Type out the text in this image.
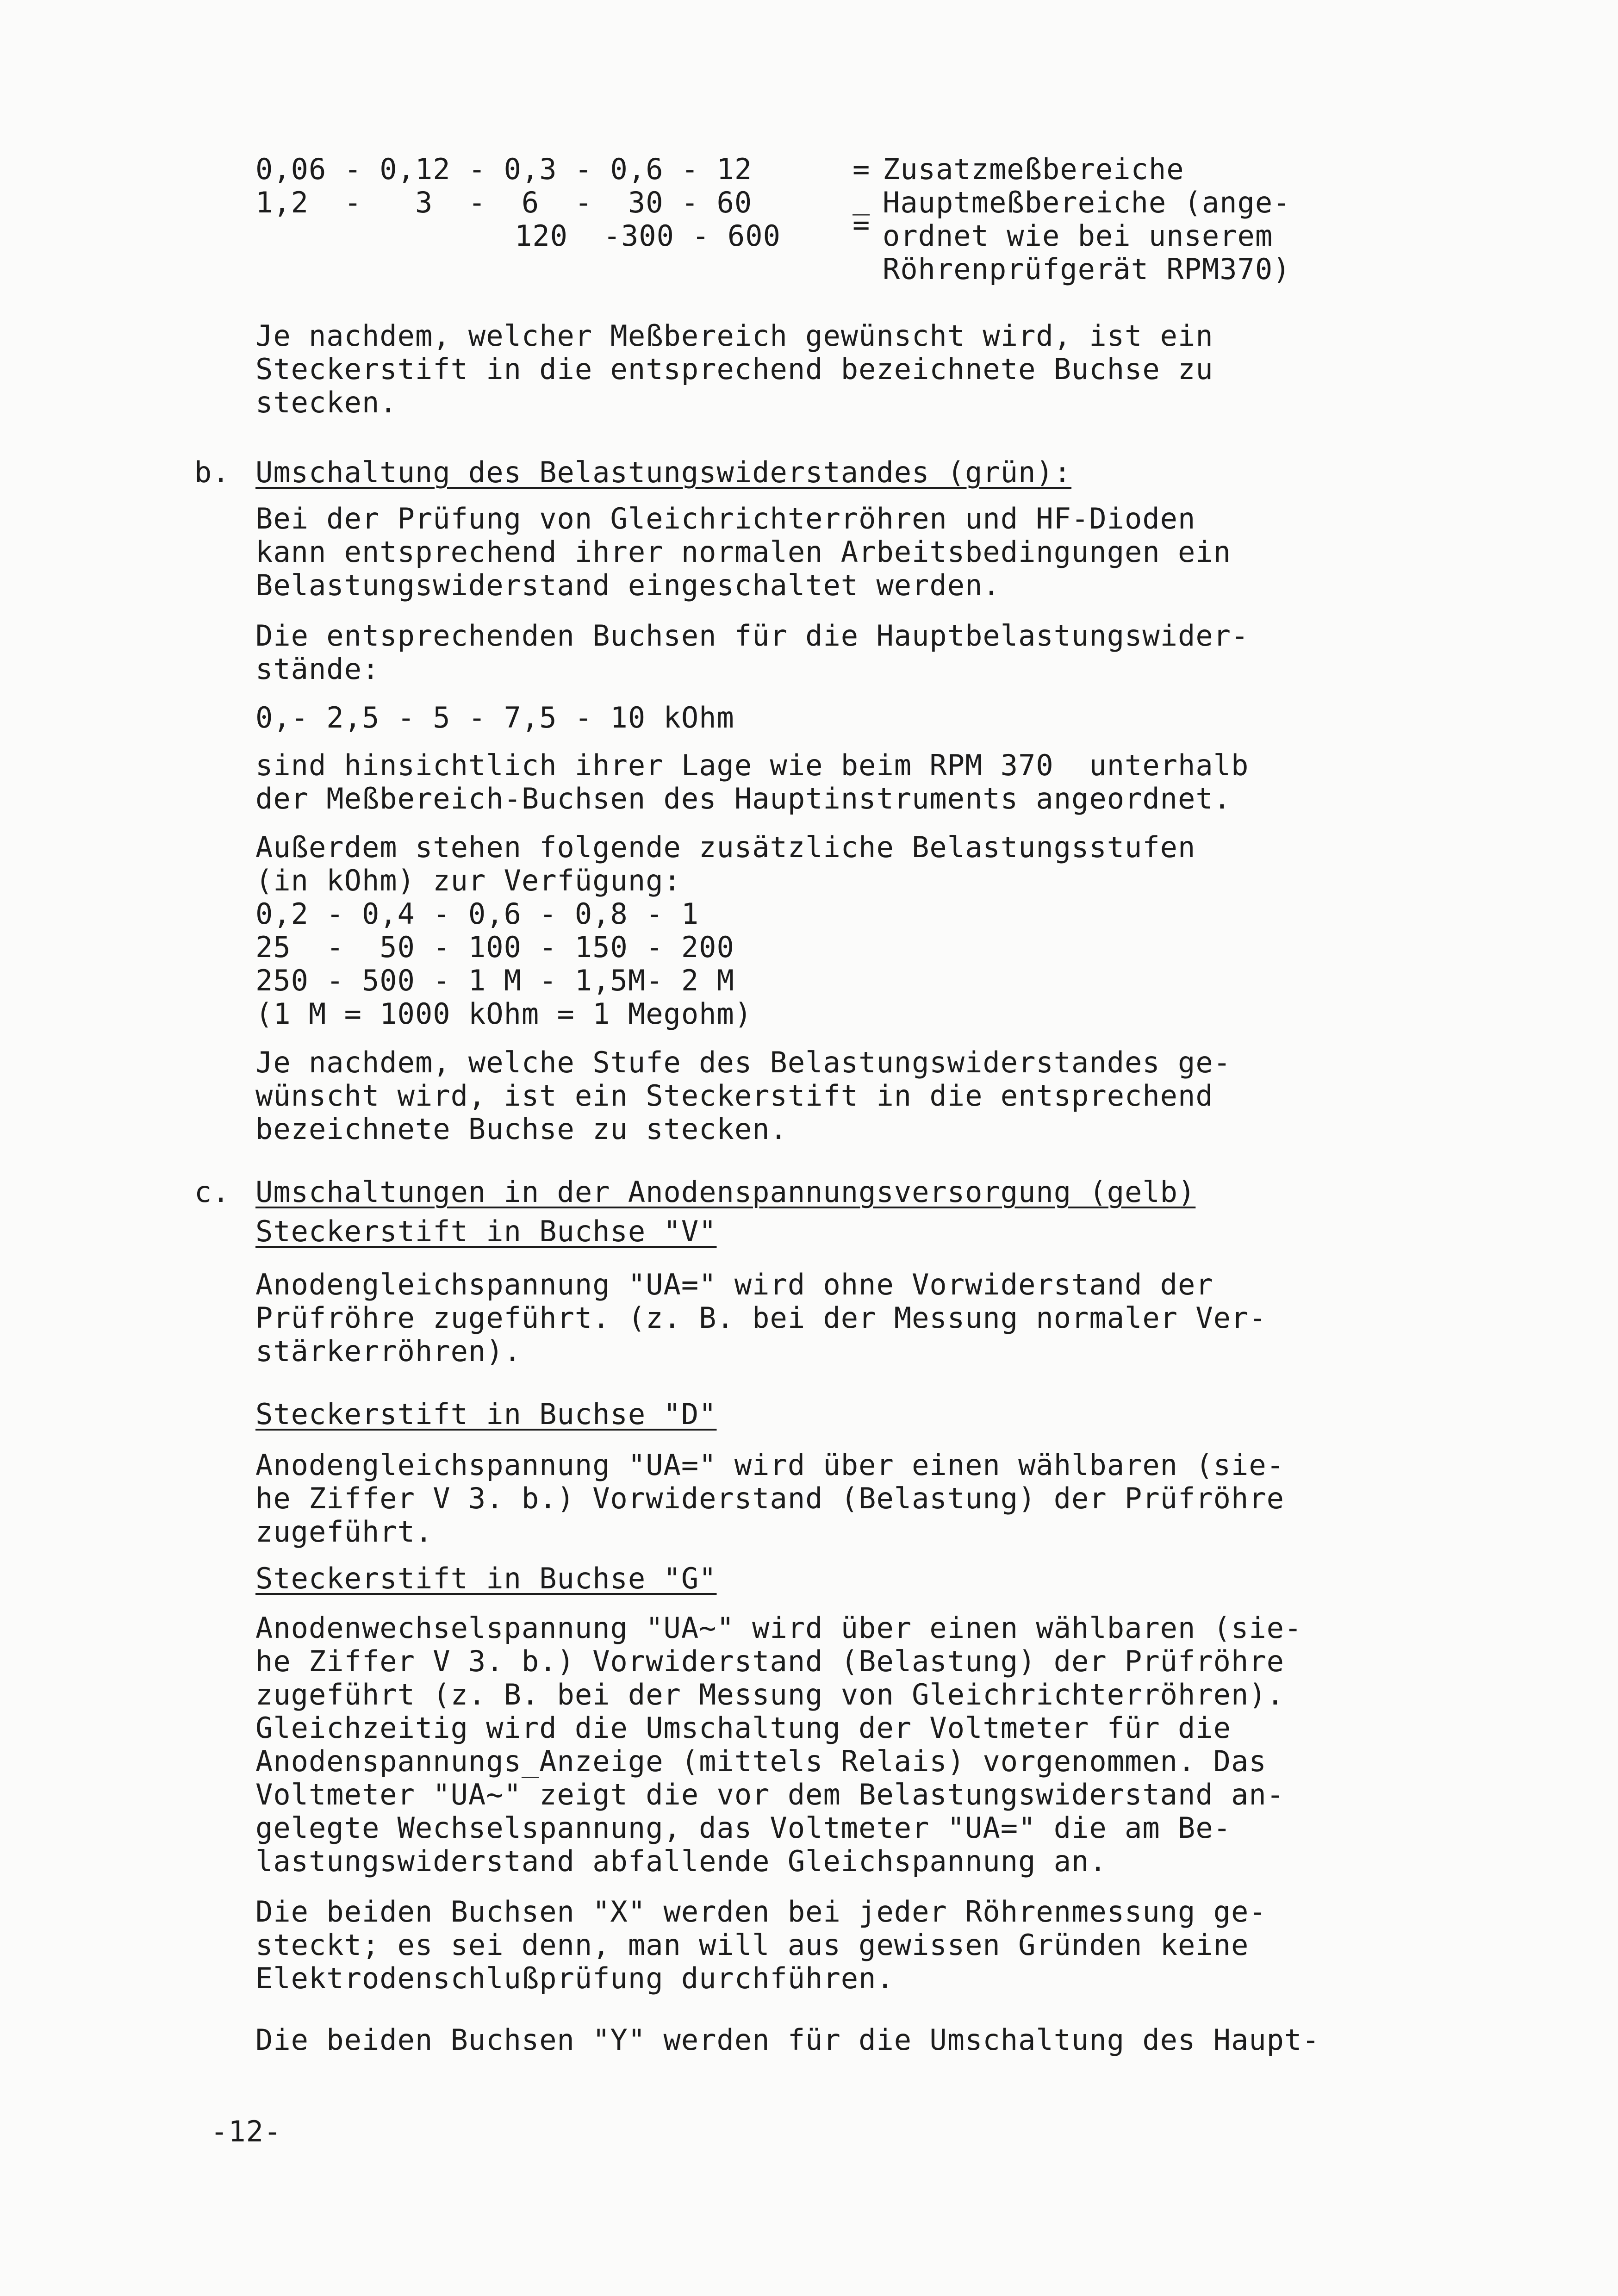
0,06 - 0,12 - 0,3 - 0,6 - 12	= Zusatzmeßbereiche
1,2  -   3  -  6  -  30 - 60	_ Hauptmeßbereiche (ange-
120  -300 - 600	= ordnet wie bei unserem
Röhrenprüfgerät RPM370)
Je nachdem, welcher Meßbereich gewünscht wird, ist ein
Steckerstift in die entsprechend bezeichnete Buchse zu
stecken.
b. Umschaltung des Belastungswiderstandes (grün):
Bei der Prüfung von Gleichrichterröhren und HF-Dioden
kann entsprechend ihrer normalen Arbeitsbedingungen ein
Belastungswiderstand eingeschaltet werden.
Die entsprechenden Buchsen für die Hauptbelastungswider-
stände:
0,- 2,5 - 5 - 7,5 - 10 kOhm
sind hinsichtlich ihrer Lage wie beim RPM 370  unterhalb
der Meßbereich-Buchsen des Hauptinstruments angeordnet.
Außerdem stehen folgende zusätzliche Belastungsstufen
(in kOhm) zur Verfügung:
0,2 - 0,4 - 0,6 - 0,8 - 1
25  -  50 - 100 - 150 - 200
250 - 500 - 1 M - 1,5M- 2 M
(1 M = 1000 kOhm = 1 Megohm)
Je nachdem, welche Stufe des Belastungswiderstandes ge-
wünscht wird, ist ein Steckerstift in die entsprechend
bezeichnete Buchse zu stecken.
c. Umschaltungen in der Anodenspannungsversorgung (gelb)
Steckerstift in Buchse "V"
Anodengleichspannung "UA=" wird ohne Vorwiderstand der
Prüfröhre zugeführt. (z. B. bei der Messung normaler Ver-
stärkerröhren).
Steckerstift in Buchse "D"
Anodengleichspannung "UA=" wird über einen wählbaren (sie-
he Ziffer V 3. b.) Vorwiderstand (Belastung) der Prüfröhre
zugeführt.
Steckerstift in Buchse "G"
Anodenwechselspannung "UA~" wird über einen wählbaren (sie-
he Ziffer V 3. b.) Vorwiderstand (Belastung) der Prüfröhre
zugeführt (z. B. bei der Messung von Gleichrichterröhren).
Gleichzeitig wird die Umschaltung der Voltmeter für die
Anodenspannungs_Anzeige (mittels Relais) vorgenommen. Das
Voltmeter "UA~" zeigt die vor dem Belastungswiderstand an-
gelegte Wechselspannung, das Voltmeter "UA=" die am Be-
lastungswiderstand abfallende Gleichspannung an.
Die beiden Buchsen "X" werden bei jeder Röhrenmessung ge-
steckt; es sei denn, man will aus gewissen Gründen keine
Elektrodenschlußprüfung durchführen.
Die beiden Buchsen "Y" werden für die Umschaltung des Haupt-
-12-
